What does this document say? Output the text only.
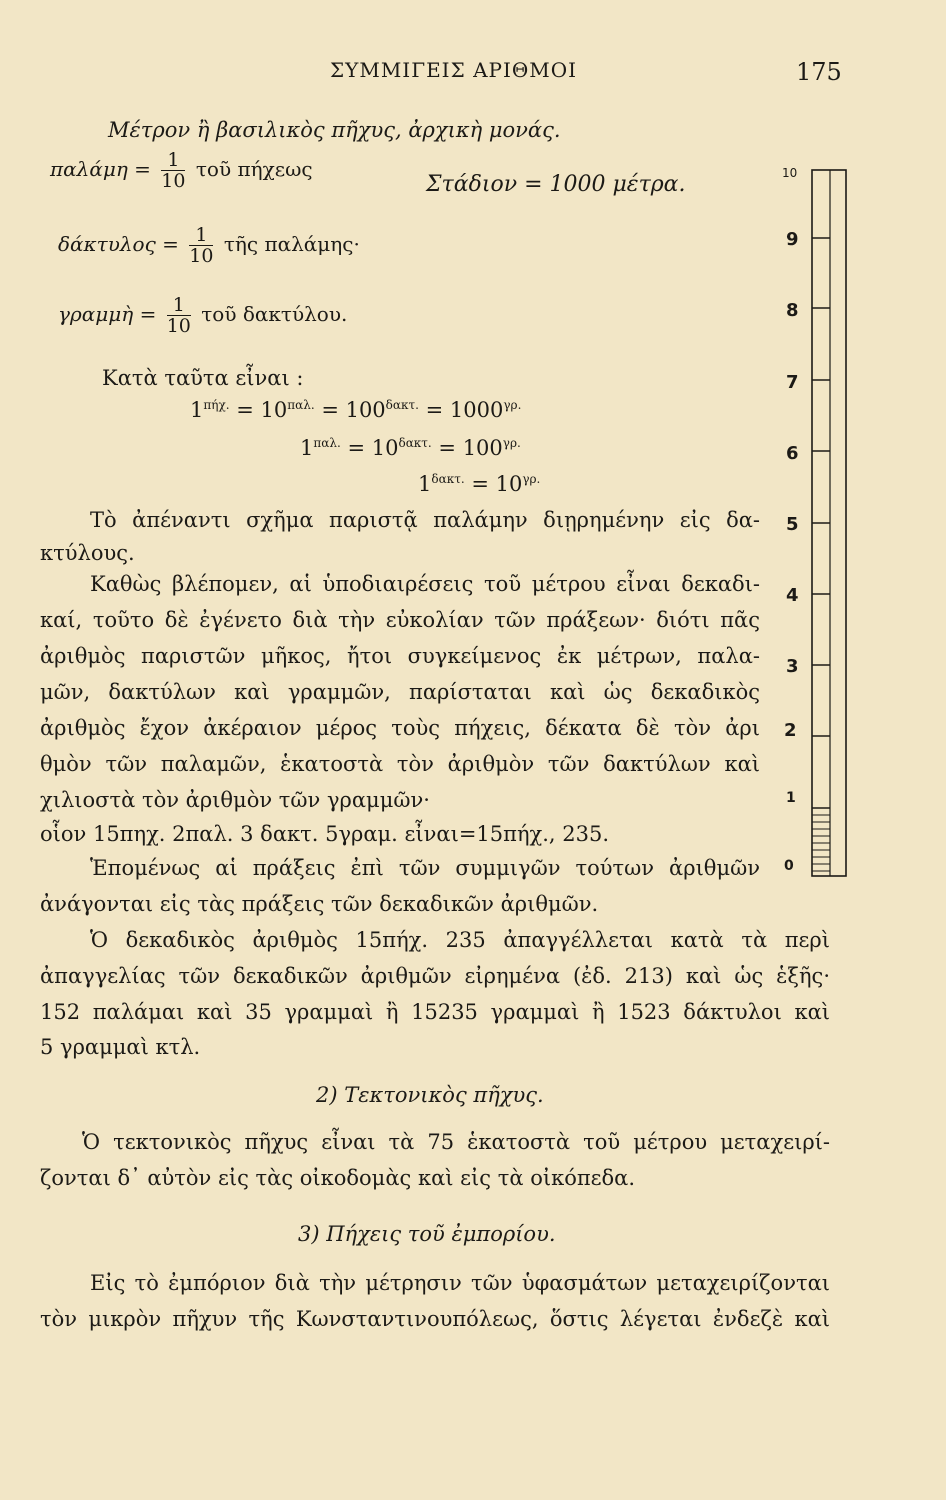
ΣΥΜΜΙΓΕΙΣ ΑΡΙΘΜΟΙ	175
Μέτρον ἢ βασιλικὸς πῆχυς, ἀρχικὴ μονάς.
$\pi\alpha\lambda ά\mu\eta = \frac{1}{10}$ τοῦ πήχεως
Στάδιον = 1000 μέτρα.
$\delta ά\kappa\tau\upsilon\lambda o\varsigma = \frac{1}{10}$ τῆς παλάμης·
γραμμὴ = $\frac{1}{10}$ τοῦ δακτύλου.
Κατὰ ταῦτα εἶναι :
$1^{\pi ή\chi.} = 10^{\pi\alpha\lambda.} = 100^{\delta\alpha\kappa\tau.} = 1000^{\gamma\rho.}$
$1^{\pi\alpha\lambda.} = 10^{\delta\alpha\kappa\tau.} = 100^{\gamma\rho.}$
$1^{\delta\alpha\kappa\tau.} = 10^{\gamma\rho.}$
Τὸ ἀπέναντι σχῆμα παριστᾷ παλάμην διῃρημένην εἰς δα-
κτύλους.
Καθὼς βλέπομεν, αἱ ὑποδιαιρέσεις τοῦ μέτρου εἶναι δεκαδι-
καί, τοῦτο δὲ ἐγένετο διὰ τὴν εὐκολίαν τῶν πράξεων· διότι πᾶς
ἀριθμὸς παριστῶν μῆκος, ἤτοι συγκείμενος ἐκ μέτρων, παλα-
μῶν, δακτύλων καὶ γραμμῶν, παρίσταται καὶ ὡς δεκαδικὸς
ἀριθμὸς ἔχον ἀκέραιον μέρος τοὺς πήχεις, δέκατα δὲ τὸν ἀρι
θμὸν τῶν παλαμῶν, ἑκατοστὰ τὸν ἀριθμὸν τῶν δακτύλων καὶ
χιλιοστὰ τὸν ἀριθμὸν τῶν γραμμῶν·
οἷον 15πηχ. 2παλ. 3 δακτ. 5γραμ. εἶναι=15πήχ., 235.
Ἑπομένως αἱ πράξεις ἐπὶ τῶν συμμιγῶν τούτων ἀριθμῶν
ἀνάγονται εἰς τὰς πράξεις τῶν δεκαδικῶν ἀριθμῶν.
Ὁ δεκαδικὸς ἀριθμὸς 15πήχ. 235 ἀπαγγέλλεται κατὰ τὰ περὶ
ἀπαγγελίας τῶν δεκαδικῶν ἀριθμῶν εἰρημένα (ἐδ. 213) καὶ ὡς ἑξῆς·
152 παλάμαι καὶ 35 γραμμαὶ ἢ 15235 γραμμαὶ ἢ 1523 δάκτυλοι καὶ
5 γραμμαὶ κτλ.
2) Τεκτονικὸς πῆχυς.
Ὁ τεκτονικὸς πῆχυς εἶναι τὰ 75 ἑκατοστὰ τοῦ μέτρου μεταχειρί-
ζονται δ᾽ αὐτὸν εἰς τὰς οἰκοδομὰς καὶ εἰς τὰ οἰκόπεδα.
3) Πήχεις τοῦ ἐμπορίου.
Εἰς τὸ ἐμπόριον διὰ τὴν μέτρησιν τῶν ὑφασμάτων μεταχειρίζονται
τὸν μικρὸν πῆχυν τῆς Κωνσταντινουπόλεως, ὅστις λέγεται ἐνδεζὲ καὶ
10
9
8
7
6
5
4
3
2
1
0
